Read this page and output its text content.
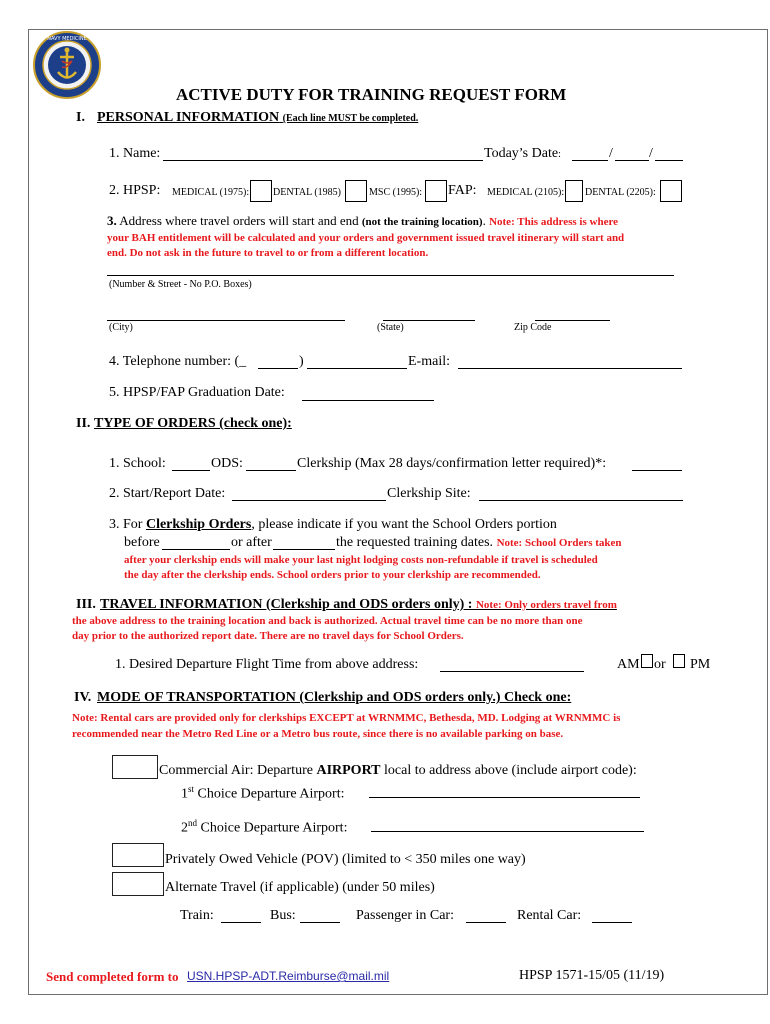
NAVY MEDICINE
ACTIVE DUTY FOR TRAINING REQUEST FORM
I. PERSONAL INFORMATION (Each line MUST be completed.
1. Name:	Today’s Date:	/	/
2. HPSP: MEDICAL (1975): DENTAL (1985)	MSC (1995): FAP: MEDICAL (2105): DENTAL (2205):
3. Address where travel orders will start and end (not the training location). Note: This address is where
your BAH entitlement will be calculated and your orders and government issued travel itinerary will start and
end. Do not ask in the future to travel to or from a different location.
(Number & Street - No P.O. Boxes)
(City)	(State)	Zip Code
4. Telephone number: (_	)	E-mail:
5. HPSP/FAP Graduation Date:
II. TYPE OF ORDERS (check one):
1. School:	ODS:	Clerkship (Max 28 days/confirmation letter required)*:
2. Start/Report Date:	Clerkship Site:
3. For Clerkship Orders, please indicate if you want the School Orders portion
before	or after	the requested training dates. Note: School Orders taken
after your clerkship ends will make your last night lodging costs non-refundable if travel is scheduled
the day after the clerkship ends. School orders prior to your clerkship are recommended.
III. TRAVEL INFORMATION (Clerkship and ODS orders only) : Note: Only orders travel from
the above address to the training location and back is authorized. Actual travel time can be no more than one
day prior to the authorized report date. There are no travel days for School Orders.
1. Desired Departure Flight Time from above address:	AM or PM
IV. MODE OF TRANSPORTATION (Clerkship and ODS orders only.) Check one:
Note: Rental cars are provided only for clerkships EXCEPT at WRNMMC, Bethesda, MD. Lodging at WRNMMC is
recommended near the Metro Red Line or a Metro bus route, since there is no available parking on base.
Commercial Air: Departure AIRPORT local to address above (include airport code):
1st Choice Departure Airport:
2nd Choice Departure Airport:
Privately Owed Vehicle (POV) (limited to < 350 miles one way)
Alternate Travel (if applicable) (under 50 miles)
Train:	Bus:	Passenger in Car:	Rental Car:
Send completed form to USN.HPSP-ADT.Reimburse@mail.mil	HPSP 1571-15/05 (11/19)
